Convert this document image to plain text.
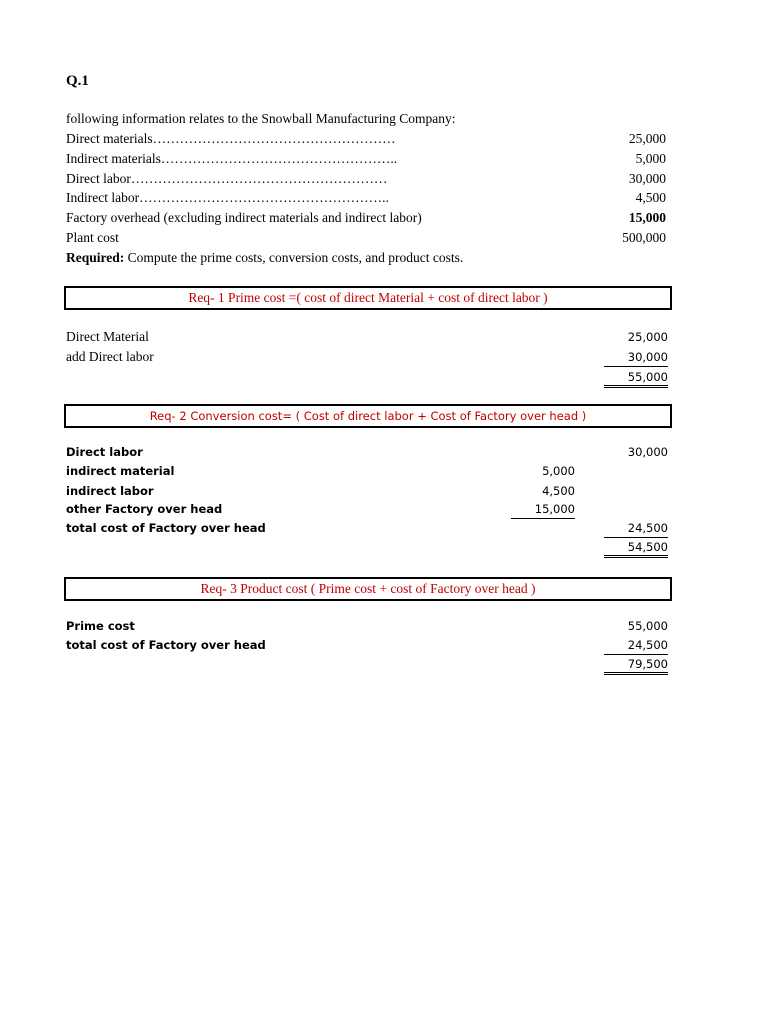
Q.1
following information relates to the Snowball Manufacturing Company:
Direct materials………………………………………………	25,000
Indirect materials……………………………………………..	5,000
Direct labor…………………………………………………	30,000
Indirect labor………………………………………………..	4,500
Factory overhead (excluding indirect materials and indirect labor)	15,000
Plant cost	500,000
Required: Compute the prime costs, conversion costs, and product costs.
Req- 1 Prime cost =( cost of direct Material + cost of direct labor )
Direct Material	25,000
add Direct labor	30,000
55,000
Req- 2 Conversion cost= ( Cost of direct labor + Cost of Factory over head )
Direct labor	30,000
indirect material	5,000
indirect labor	4,500
other Factory over head	15,000
total cost of Factory over head	24,500
54,500
Req- 3 Product cost ( Prime cost + cost of Factory over head )
Prime cost	55,000
total cost of Factory over head	24,500
79,500
